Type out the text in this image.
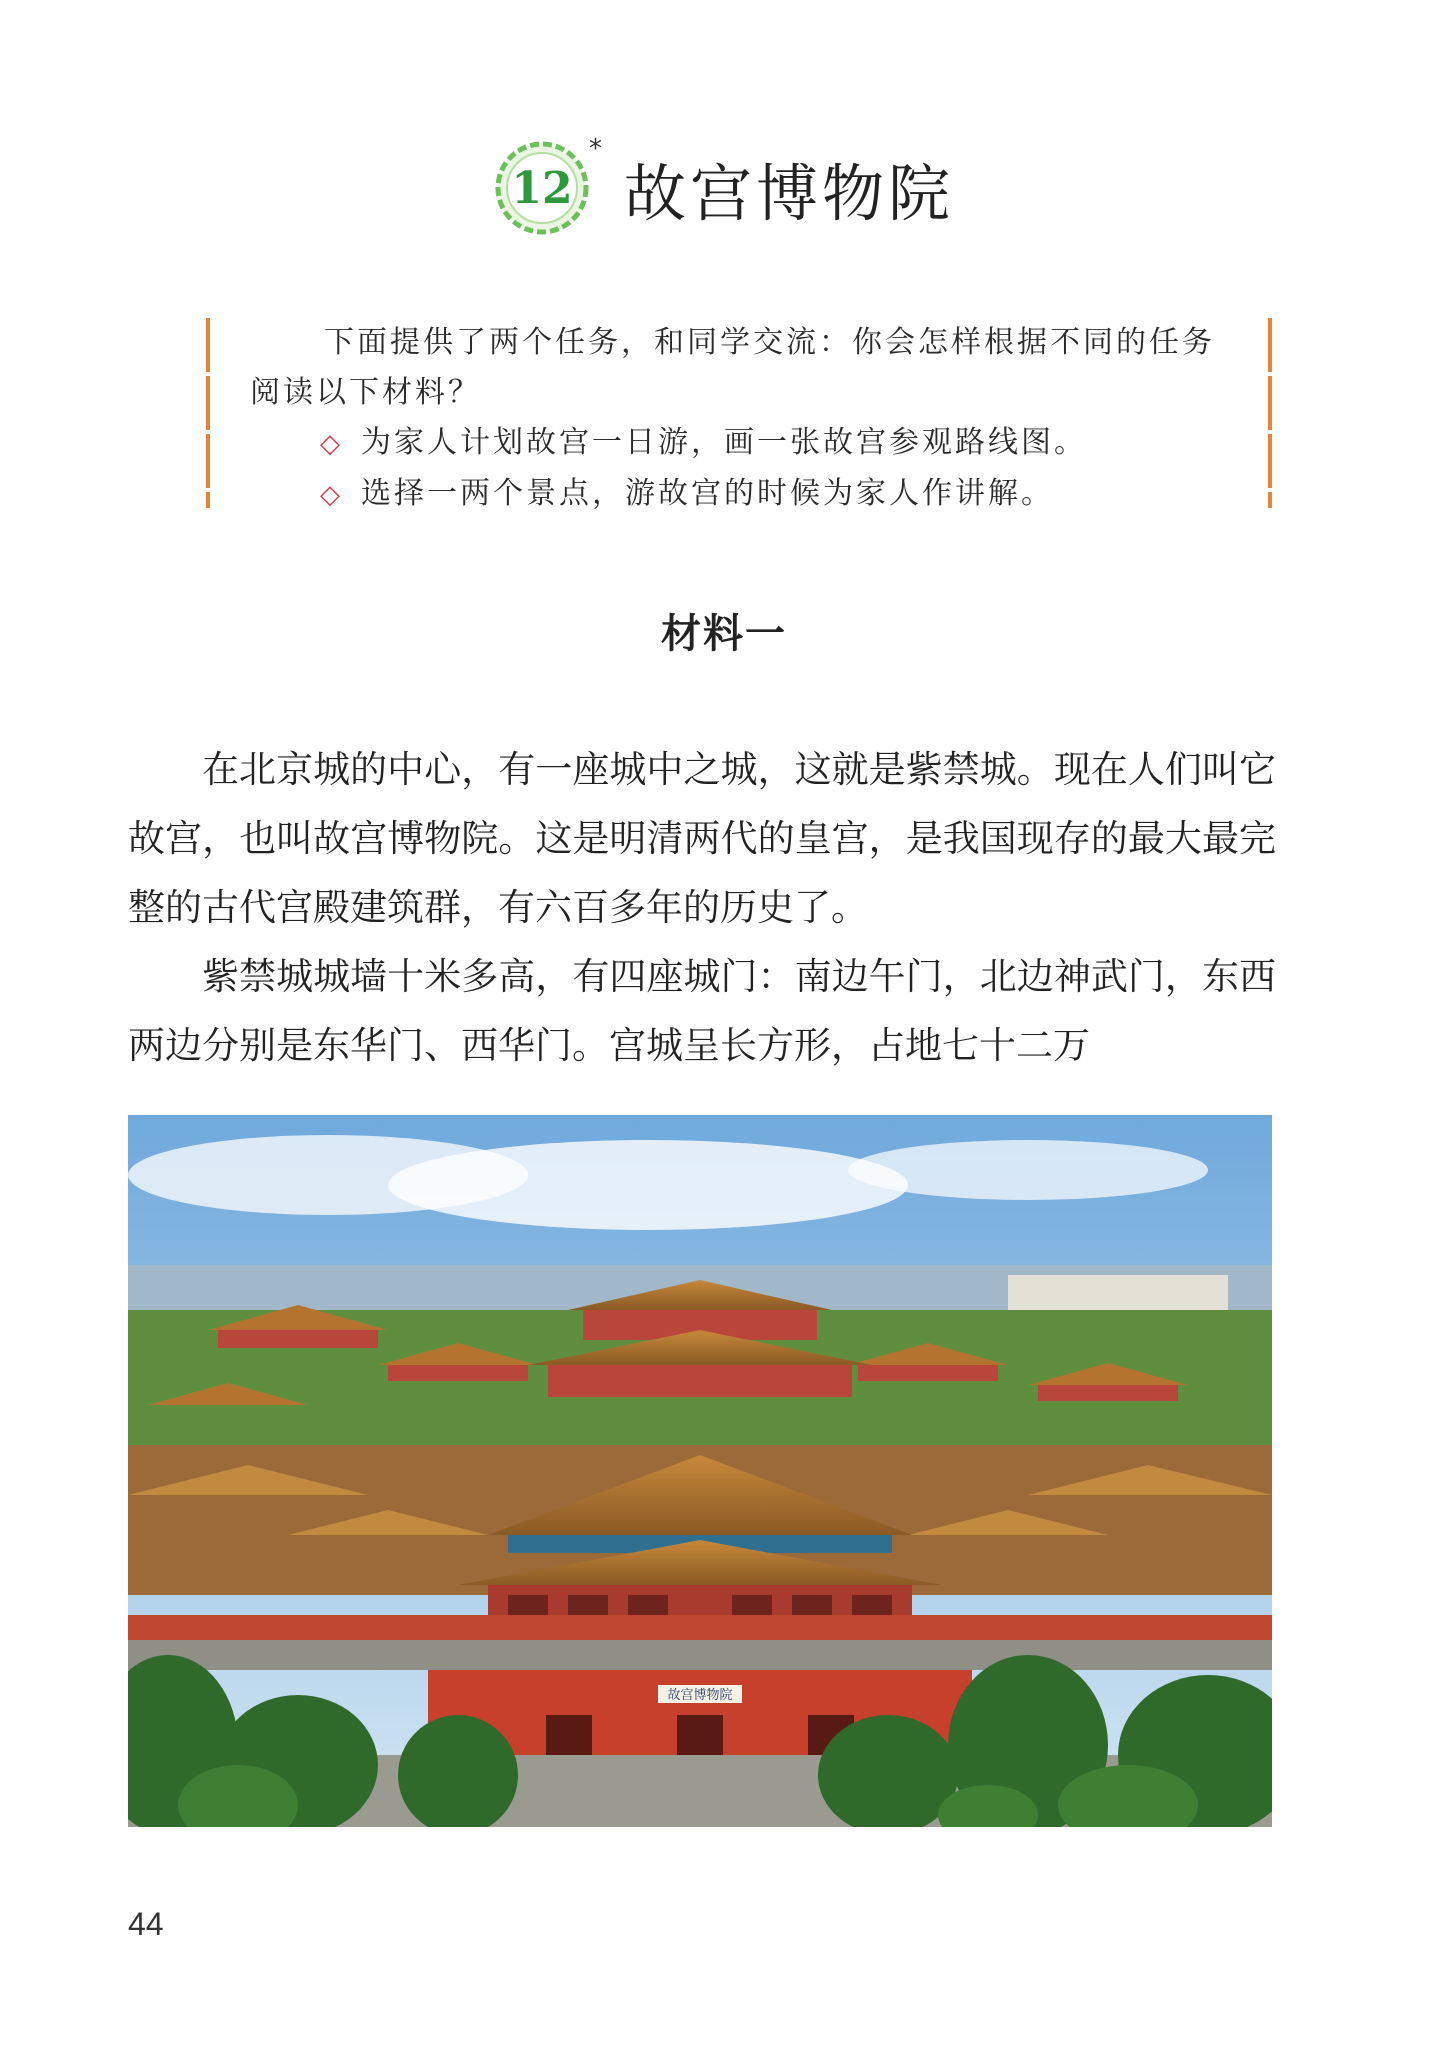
12
*
故宫博物院
下面提供了两个任务，和同学交流：你会怎样根据不同的任务阅读以下材料？
◇ 为家人计划故宫一日游，画一张故宫参观路线图。
◇ 选择一两个景点，游故宫的时候为家人作讲解。
材料一

在北京城的中心，有一座城中之城，这就是紫禁城。现在人们叫它故宫，也叫故宫博物院。这是明清两代的皇宫，是我国现存的最大最完整的古代宫殿建筑群，有六百多年的历史了。

紫禁城城墙十米多高，有四座城门：南边午门，北边神武门，东西两边分别是东华门、西华门。宫城呈长方形，占地七十二万

故宫博物院
44
